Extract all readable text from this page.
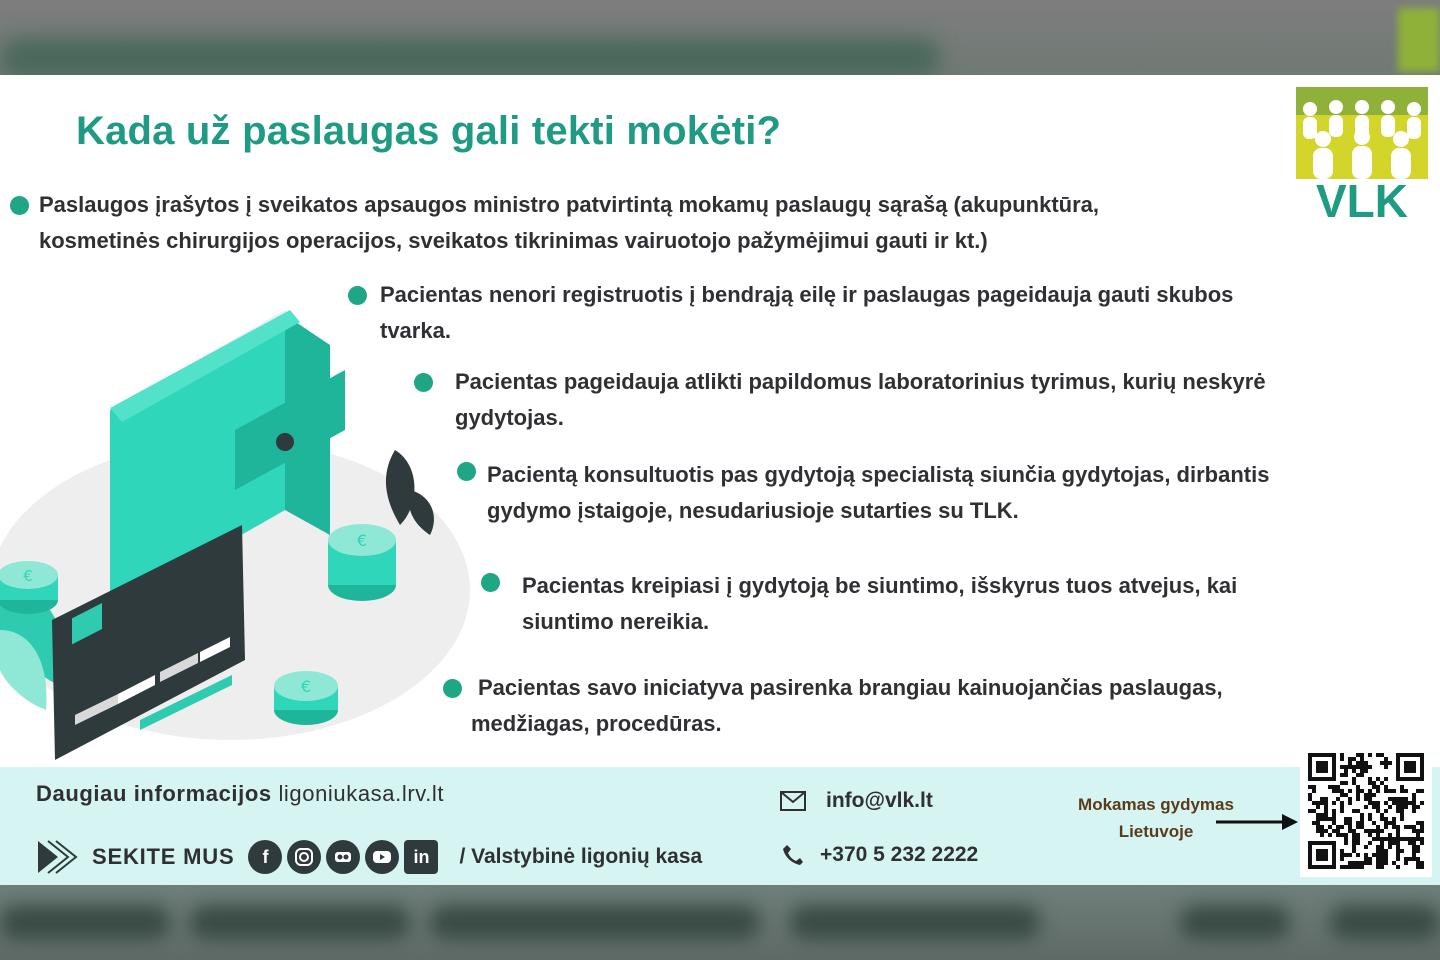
Kada už paslaugas gali tekti mokėti?
VLK
Paslaugos įrašytos į sveikatos apsaugos ministro patvirtintą mokamų paslaugų sąrašą (akupunktūra,
kosmetinės chirurgijos operacijos, sveikatos tikrinimas vairuotojo pažymėjimui gauti ir kt.)
Pacientas nenori registruotis į bendrąją eilę ir paslaugas pageidauja gauti skubos
tvarka.
Pacientas pageidauja atlikti papildomus laboratorinius tyrimus, kurių neskyrė
gydytojas.
Pacientą konsultuotis pas gydytoją specialistą siunčia gydytojas, dirbantis
gydymo įstaigoje, nesudariusioje sutarties su TLK.
Pacientas kreipiasi į gydytoją be siuntimo, išskyrus tuos atvejus, kai
siuntimo nereikia.
Pacientas savo iniciatyva pasirenka brangiau kainuojančias paslaugas,
medžiagas, procedūras.
€
€
€
Daugiau informacijos ligoniukasa.lrv.lt
SEKITE MUS	f	in	/ Valstybinė ligonių kasa
info@vlk.lt
+370 5 232 2222
Mokamas gydymas
Lietuvoje
